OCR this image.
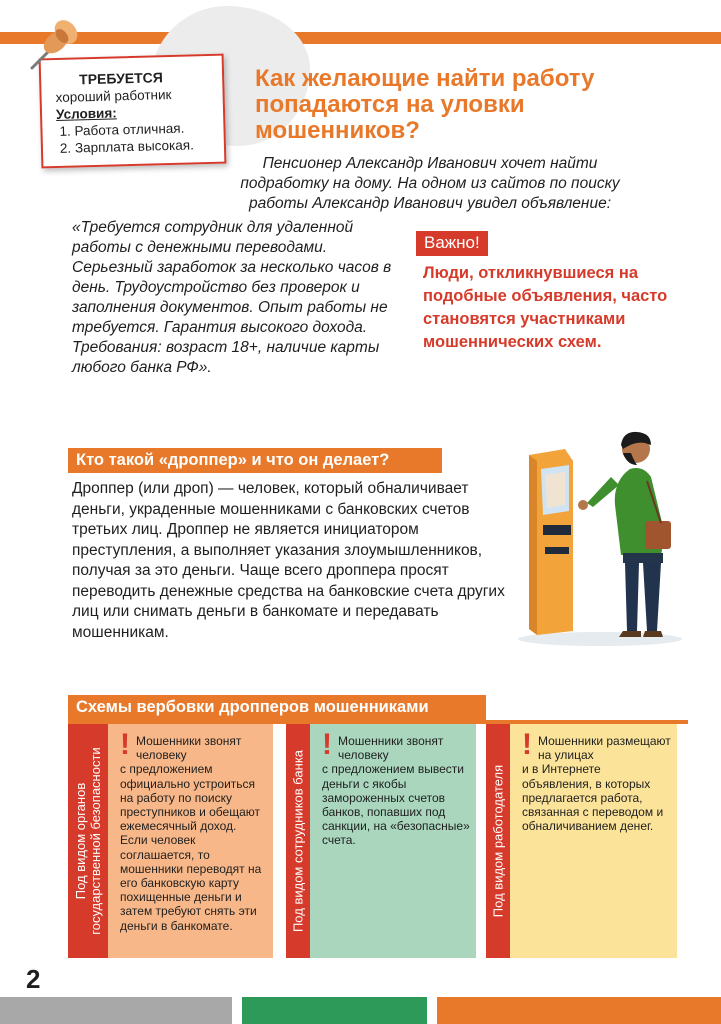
ТРЕБУЕТСЯ
хороший работник
Условия:
1. Работа отличная.
2. Зарплата высокая.
Как желающие найти работу попадаются на уловки мошенников?
Пенсионер Александр Иванович хочет найти подработку на дому. На одном из сайтов по поиску работы Александр Иванович увидел объявление:
«Требуется сотрудник для удаленной работы с денежными переводами. Серьезный заработок за несколько часов в день. Трудоустройство без проверок и заполнения документов. Опыт работы не требуется. Гарантия высокого дохода. Требования: возраст 18+, наличие карты любого банка РФ».
Важно!
Люди, откликнувшиеся на подобные объявления, часто становятся участниками мошеннических схем.
Кто такой «дроппер» и что он делает?
Дроппер (или дроп) — человек, который обналичивает деньги, украденные мошенниками с банковских счетов третьих лиц. Дроппер не является инициатором преступления, а выполняет указания злоумышленников, получая за это деньги. Чаще всего дроппера просят переводить денежные средства на банковские счета других лиц или снимать деньги в банкомате и передавать мошенникам.
Схемы вербовки дропперов мошенниками
Под видом органов государственной безопасности
! Мошенники звонят человеку

с предложением официально устроиться на работу по поиску преступников и обещают ежемесячный доход. Если человек соглашается, то мошенники переводят на его банковскую карту похищенные деньги и затем требуют снять эти деньги в банкомате.	Под видом сотрудников банка
! Мошенники звонят человеку

с предложением вывести деньги с якобы замороженных счетов банков, попавших под санкции, на «безопасные» счета.	Под видом работодателя
! Мошенники размещают на улицах

и в Интернете объявления, в которых предлагается работа, связанная с переводом и обналичиванием денег.

2
